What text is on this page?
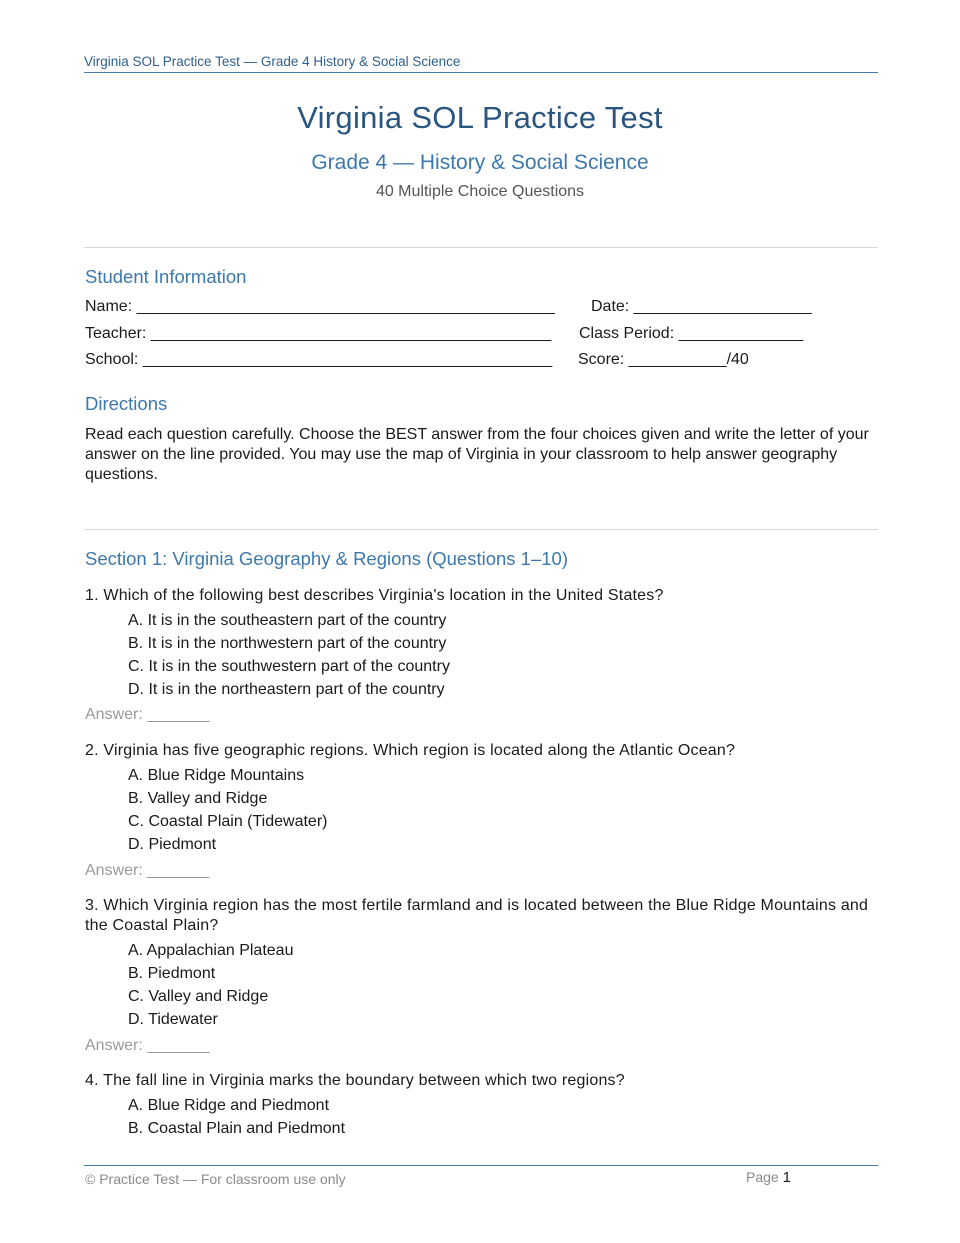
Virginia SOL Practice Test — Grade 4 History & Social Science
Virginia SOL Practice Test
Grade 4 — History & Social Science
40 Multiple Choice Questions
Student Information
Name: _______________________________________________ Date: ____________________
Teacher: _____________________________________________ Class Period: ______________
School: ______________________________________________ Score: ___________/40
Directions
Read each question carefully. Choose the BEST answer from the four choices given and write the letter of your answer on the line provided. You may use the map of Virginia in your classroom to help answer geography questions.
Section 1: Virginia Geography & Regions (Questions 1–10)
1. Which of the following best describes Virginia's location in the United States?
A. It is in the southeastern part of the country
B. It is in the northwestern part of the country
C. It is in the southwestern part of the country
D. It is in the northeastern part of the country
Answer: _______
2. Virginia has five geographic regions. Which region is located along the Atlantic Ocean?
A. Blue Ridge Mountains
B. Valley and Ridge
C. Coastal Plain (Tidewater)
D. Piedmont
Answer: _______
3. Which Virginia region has the most fertile farmland and is located between the Blue Ridge Mountains and the Coastal Plain?
A. Appalachian Plateau
B. Piedmont
C. Valley and Ridge
D. Tidewater
Answer: _______
4. The fall line in Virginia marks the boundary between which two regions?
A. Blue Ridge and Piedmont
B. Coastal Plain and Piedmont
© Practice Test — For classroom use only	Page 1
